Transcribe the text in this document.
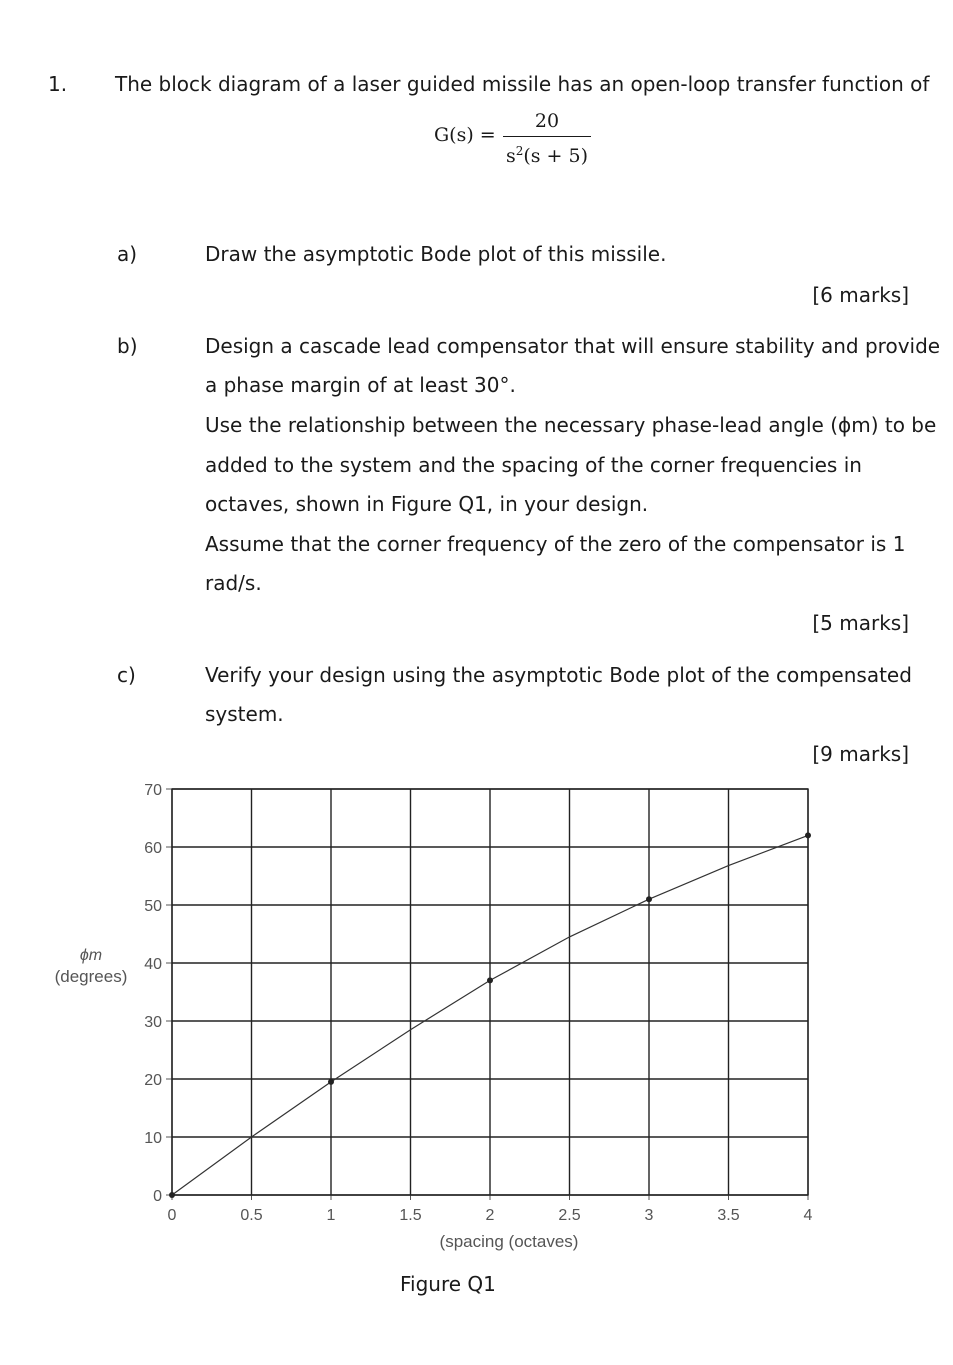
1. The block diagram of a laser guided missile has an open-loop transfer function of
G(s) =
20
$s^2(s + 5)$
a)	Draw the asymptotic Bode plot of this missile.
[6 marks]
b)	Design a cascade lead compensator that will ensure stability and provide
a phase margin of at least 30°.
Use the relationship between the necessary phase-lead angle (ϕm) to be
added to the system and the spacing of the corner frequencies in
octaves, shown in Figure Q1, in your design.
Assume that the corner frequency of the zero of the compensator is 1
rad/s.
[5 marks]
c)	Verify your design using the asymptotic Bode plot of the compensated
system.
[9 marks]
0	0.5	1	1.5	2	2.5	3	3.5	4
0
10
20
30
40
50
60
70
ϕm
(degrees)
(spacing (octaves)
Figure Q1
